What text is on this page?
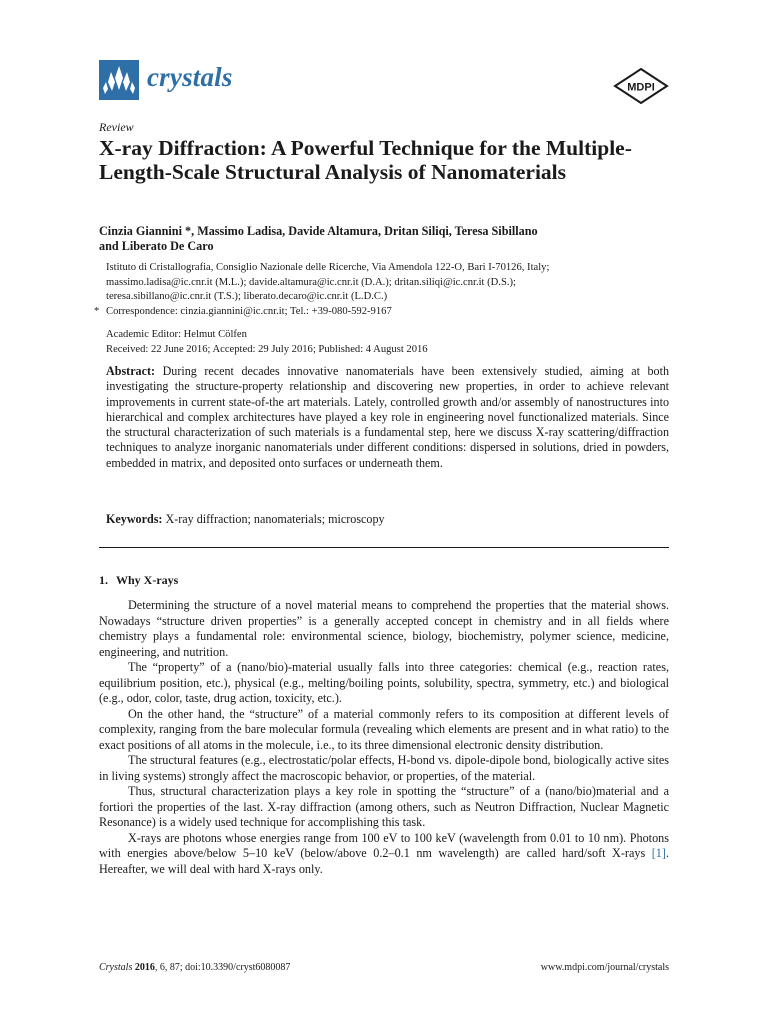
crystals	MDPI
Review
X-ray Diffraction: A Powerful Technique for the Multiple-Length-Scale Structural Analysis of Nanomaterials
Cinzia Giannini *, Massimo Ladisa, Davide Altamura, Dritan Siliqi, Teresa Sibillano
and Liberato De Caro
Istituto di Cristallografia, Consiglio Nazionale delle Ricerche, Via Amendola 122-O, Bari I-70126, Italy;
massimo.ladisa@ic.cnr.it (M.L.); davide.altamura@ic.cnr.it (D.A.); dritan.siliqi@ic.cnr.it (D.S.);
teresa.sibillano@ic.cnr.it (T.S.); liberato.decaro@ic.cnr.it (L.D.C.)
* Correspondence: cinzia.giannini@ic.cnr.it; Tel.: +39-080-592-9167
Academic Editor: Helmut Cölfen
Received: 22 June 2016; Accepted: 29 July 2016; Published: 4 August 2016
Abstract: During recent decades innovative nanomaterials have been extensively studied, aiming at both investigating the structure-property relationship and discovering new properties, in order to achieve relevant improvements in current state-of-the art materials. Lately, controlled growth and/or assembly of nanostructures into hierarchical and complex architectures have played a key role in engineering novel functionalized materials. Since the structural characterization of such materials is a fundamental step, here we discuss X-ray scattering/diffraction techniques to analyze inorganic nanomaterials under different conditions: dispersed in solutions, dried in powders, embedded in matrix, and deposited onto surfaces or underneath them.
Keywords: X-ray diffraction; nanomaterials; microscopy
1. Why X-rays

Determining the structure of a novel material means to comprehend the properties that the material shows. Nowadays “structure driven properties” is a generally accepted concept in chemistry and in all fields where chemistry plays a fundamental role: environmental science, biology, biochemistry, polymer science, medicine, engineering, and nutrition.

The “property” of a (nano/bio)-material usually falls into three categories: chemical (e.g., reaction rates, equilibrium position, etc.), physical (e.g., melting/boiling points, solubility, spectra, symmetry, etc.) and biological (e.g., odor, color, taste, drug action, toxicity, etc.).

On the other hand, the “structure” of a material commonly refers to its composition at different levels of complexity, ranging from the bare molecular formula (revealing which elements are present and in what ratio) to the exact positions of all atoms in the molecule, i.e., to its three dimensional electronic density distribution.

The structural features (e.g., electrostatic/polar effects, H-bond vs. dipole-dipole bond, biologically active sites in living systems) strongly affect the macroscopic behavior, or properties, of the material.

Thus, structural characterization plays a key role in spotting the “structure” of a (nano/bio)material and a fortiori the properties of the last. X-ray diffraction (among others, such as Neutron Diffraction, Nuclear Magnetic Resonance) is a widely used technique for accomplishing this task.

X-rays are photons whose energies range from 100 eV to 100 keV (wavelength from 0.01 to 10 nm). Photons with energies above/below 5–10 keV (below/above 0.2–0.1 nm wavelength) are called hard/soft X-rays [1]. Hereafter, we will deal with hard X-rays only.

Crystals 2016, 6, 87; doi:10.3390/cryst6080087	www.mdpi.com/journal/crystals
